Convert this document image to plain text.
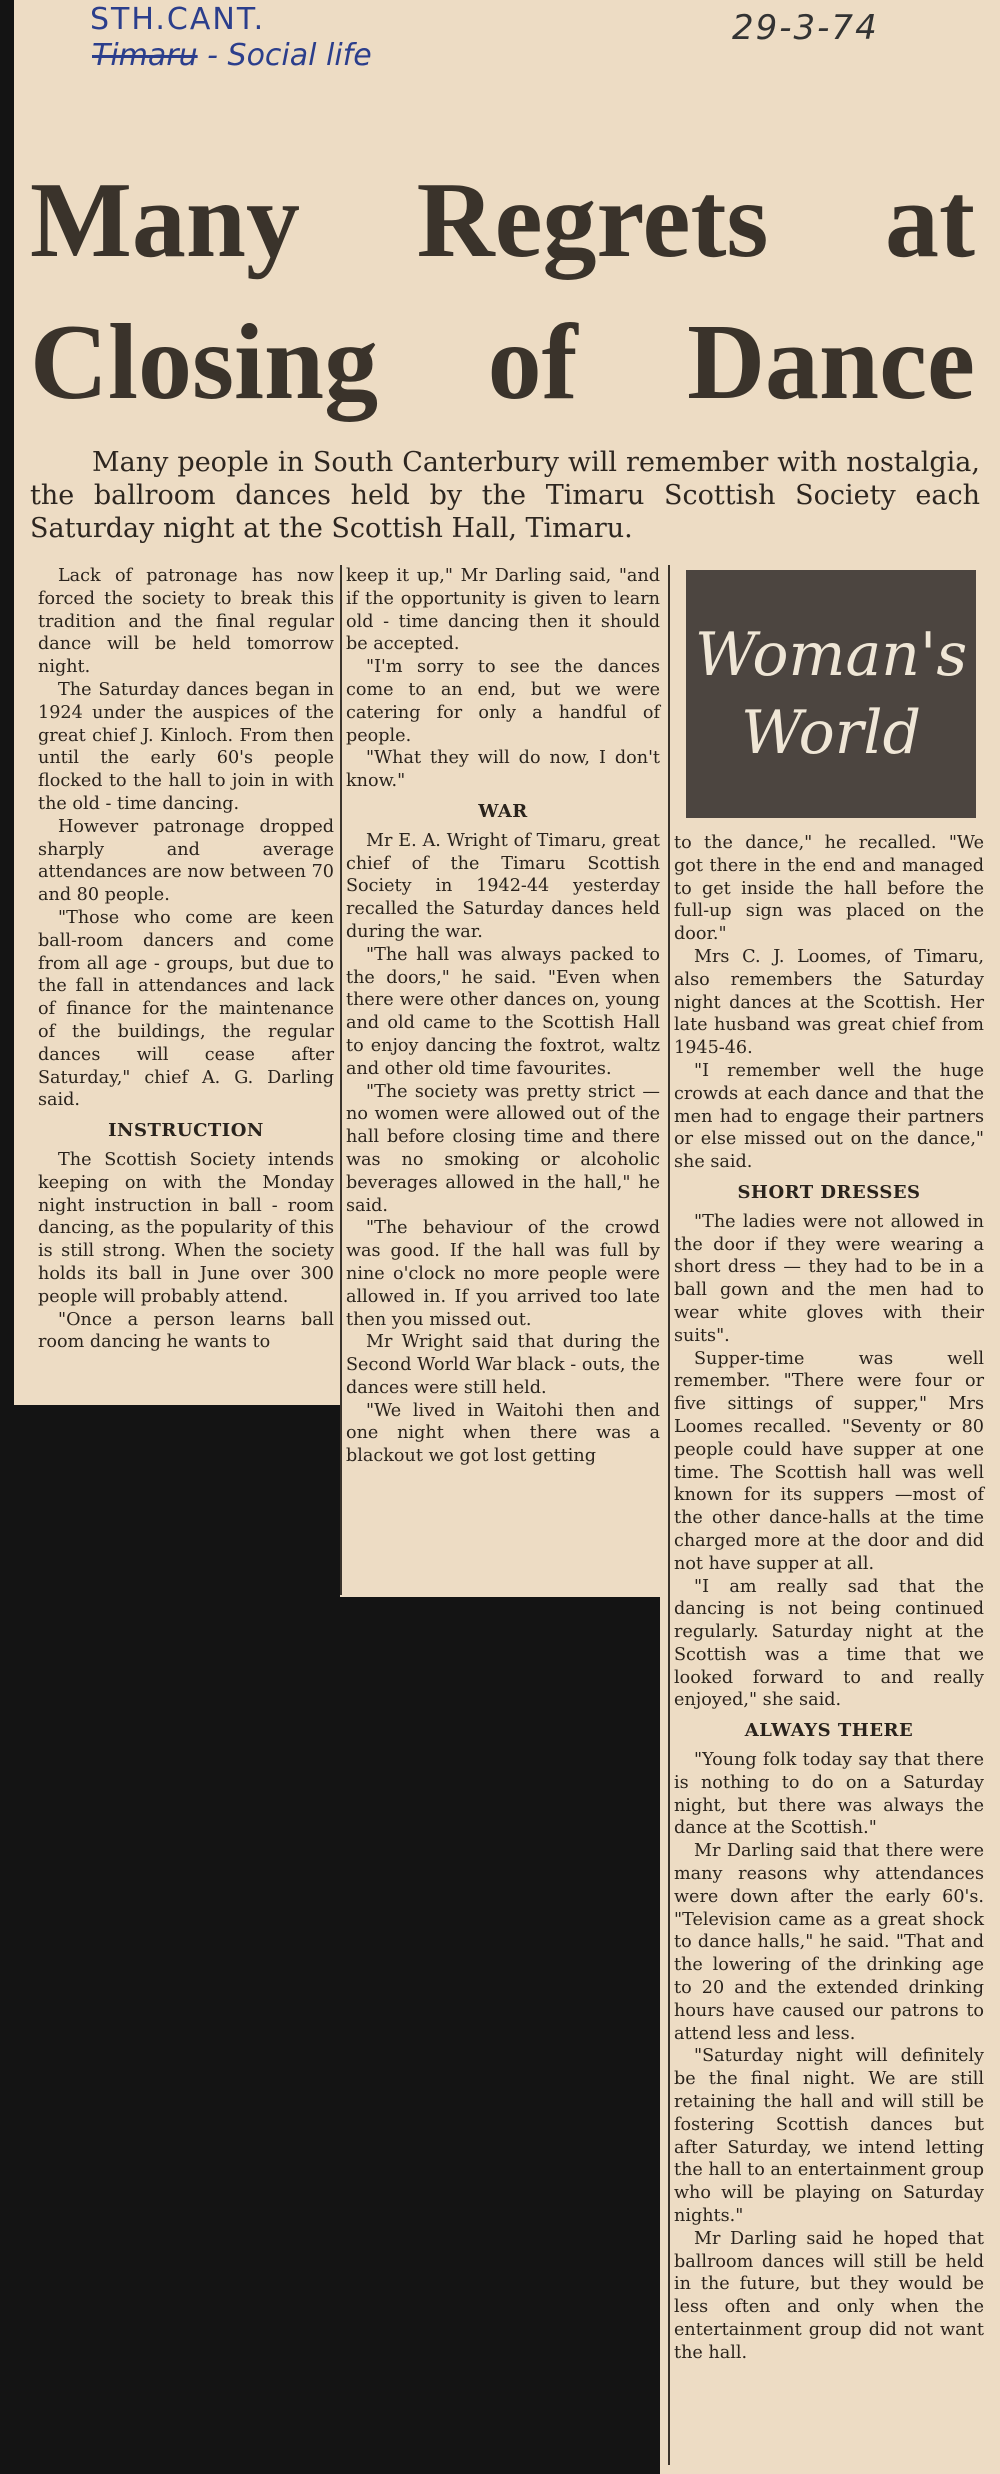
STH.CANT.
Timaru - Social life
29-3-74
Many Regrets at Closing of Dance

Many people in South Canterbury will remember with nostalgia, the ballroom dances held by the Timaru Scottish Society each Saturday night at the Scottish Hall, Timaru.

Lack of patronage has now forced the society to break this tradition and the final regular dance will be held tomorrow night.

The Saturday dances began in 1924 under the auspices of the great chief J. Kinloch. From then until the early 60's people flocked to the hall to join in with the old - time dancing.

However patronage dropped sharply and average attendances are now between 70 and 80 people.

"Those who come are keen ball-room dancers and come from all age - groups, but due to the fall in attendances and lack of finance for the maintenance of the buildings, the regular dances will cease after Saturday," chief A. G. Darling said.

INSTRUCTION

The Scottish Society intends keeping on with the Monday night instruction in ball - room dancing, as the popularity of this is still strong. When the society holds its ball in June over 300 people will probably attend.

"Once a person learns ball room dancing he wants to

keep it up," Mr Darling said, "and if the opportunity is given to learn old - time dancing then it should be accepted.

"I'm sorry to see the dances come to an end, but we were catering for only a handful of people.

"What they will do now, I don't know."

WAR

Mr E. A. Wright of Timaru, great chief of the Timaru Scottish Society in 1942-44 yesterday recalled the Saturday dances held during the war.

"The hall was always packed to the doors," he said. "Even when there were other dances on, young and old came to the Scottish Hall to enjoy dancing the foxtrot, waltz and other old time favourites.

"The society was pretty strict — no women were allowed out of the hall before closing time and there was no smoking or alcoholic beverages allowed in the hall," he said.

"The behaviour of the crowd was good. If the hall was full by nine o'clock no more people were allowed in. If you arrived too late then you missed out.

Mr Wright said that during the Second World War black - outs, the dances were still held.

"We lived in Waitohi then and one night when there was a blackout we got lost getting

Woman's
World

to the dance," he recalled. "We got there in the end and managed to get inside the hall before the full-up sign was placed on the door."

Mrs C. J. Loomes, of Timaru, also remembers the Saturday night dances at the Scottish. Her late husband was great chief from 1945-46.

"I remember well the huge crowds at each dance and that the men had to engage their partners or else missed out on the dance," she said.

SHORT DRESSES

"The ladies were not allowed in the door if they were wearing a short dress — they had to be in a ball gown and the men had to wear white gloves with their suits".

Supper-time was well remember. "There were four or five sittings of supper," Mrs Loomes recalled. "Seventy or 80 people could have supper at one time. The Scottish hall was well known for its suppers —most of the other dance-halls at the time charged more at the door and did not have supper at all.

"I am really sad that the dancing is not being continued regularly. Saturday night at the Scottish was a time that we looked forward to and really enjoyed," she said.

ALWAYS THERE

"Young folk today say that there is nothing to do on a Saturday night, but there was always the dance at the Scottish."

Mr Darling said that there were many reasons why attendances were down after the early 60's. "Television came as a great shock to dance halls," he said. "That and the lowering of the drinking age to 20 and the extended drinking hours have caused our patrons to attend less and less.

"Saturday night will definitely be the final night. We are still retaining the hall and will still be fostering Scottish dances but after Saturday, we intend letting the hall to an entertainment group who will be playing on Saturday nights."

Mr Darling said he hoped that ballroom dances will still be held in the future, but they would be less often and only when the entertainment group did not want the hall.
